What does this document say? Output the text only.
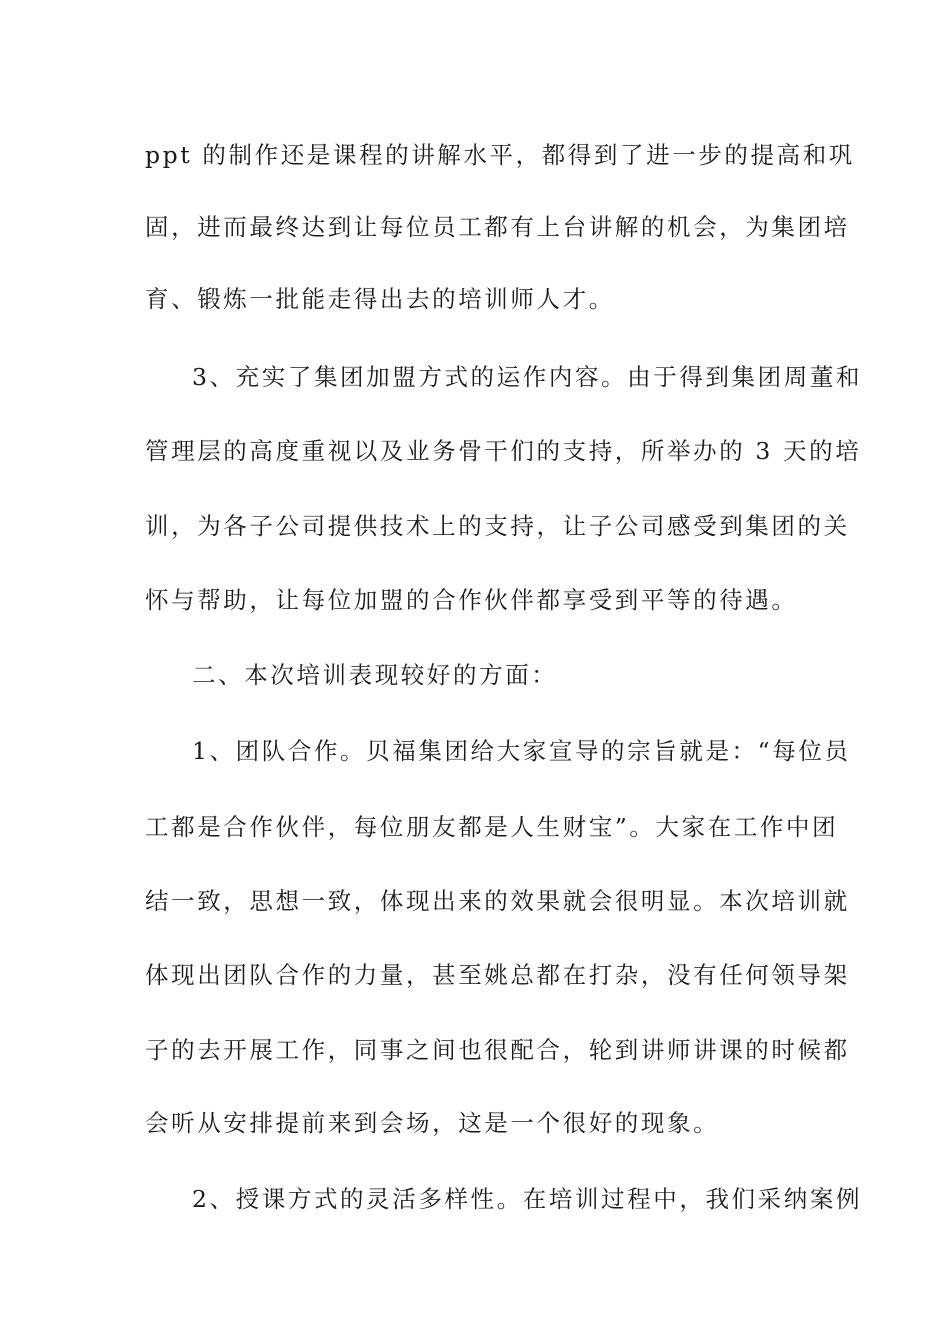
ppt 的制作还是课程的讲解水平，都得到了进一步的提高和巩
固，进而最终达到让每位员工都有上台讲解的机会，为集团培
育、锻炼一批能走得出去的培训师人才。
3、充实了集团加盟方式的运作内容。由于得到集团周董和
管理层的高度重视以及业务骨干们的支持，所举办的 3 天的培
训，为各子公司提供技术上的支持，让子公司感受到集团的关
怀与帮助，让每位加盟的合作伙伴都享受到平等的待遇。
二、本次培训表现较好的方面：
1、团队合作。贝福集团给大家宣导的宗旨就是：“每位员
工都是合作伙伴，每位朋友都是人生财宝”。大家在工作中团
结一致，思想一致，体现出来的效果就会很明显。本次培训就
体现出团队合作的力量，甚至姚总都在打杂，没有任何领导架
子的去开展工作，同事之间也很配合，轮到讲师讲课的时候都
会听从安排提前来到会场，这是一个很好的现象。
2、授课方式的灵活多样性。在培训过程中，我们采纳案例
